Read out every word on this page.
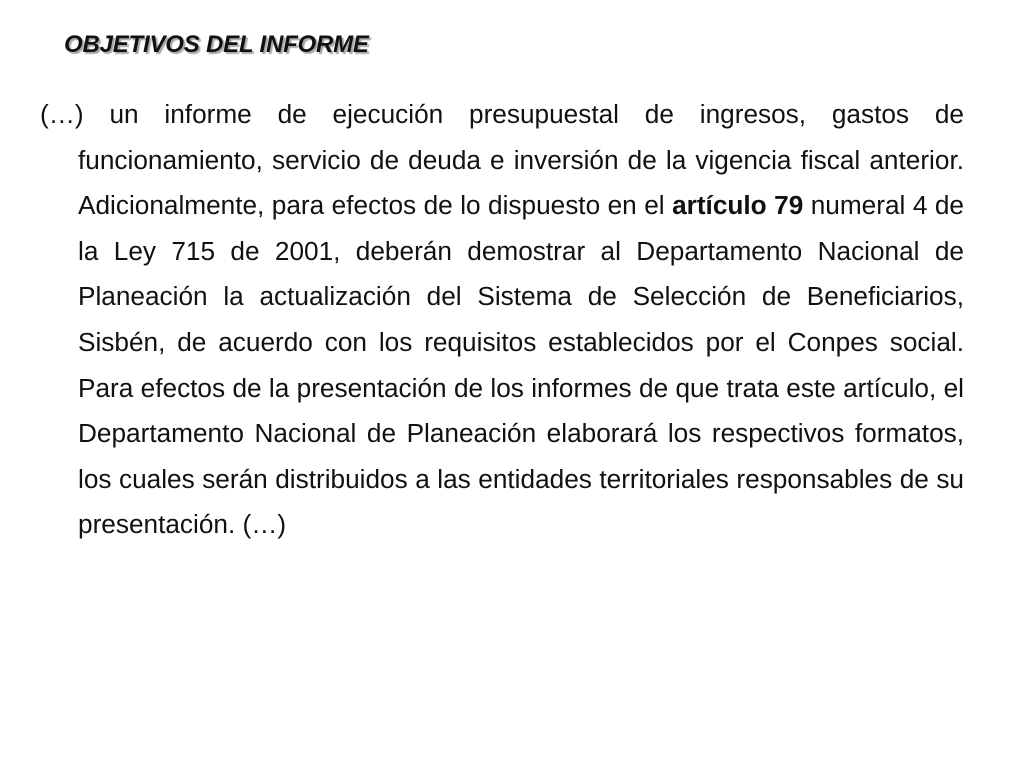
OBJETIVOS DEL INFORME

(…) un informe de ejecución presupuestal de ingresos, gastos de funcionamiento, servicio de deuda e inversión de la vigencia fiscal anterior. Adicionalmente, para efectos de lo dispuesto en el artículo 79 numeral 4 de la Ley 715 de 2001, deberán demostrar al Departamento Nacional de Planeación la actualización del Sistema de Selección de Beneficiarios, Sisbén, de acuerdo con los requisitos establecidos por el Conpes social. Para efectos de la presentación de los informes de que trata este artículo, el Departamento Nacional de Planeación elaborará los respectivos formatos, los cuales serán distribuidos a las entidades territoriales responsables de su presentación. (…)
